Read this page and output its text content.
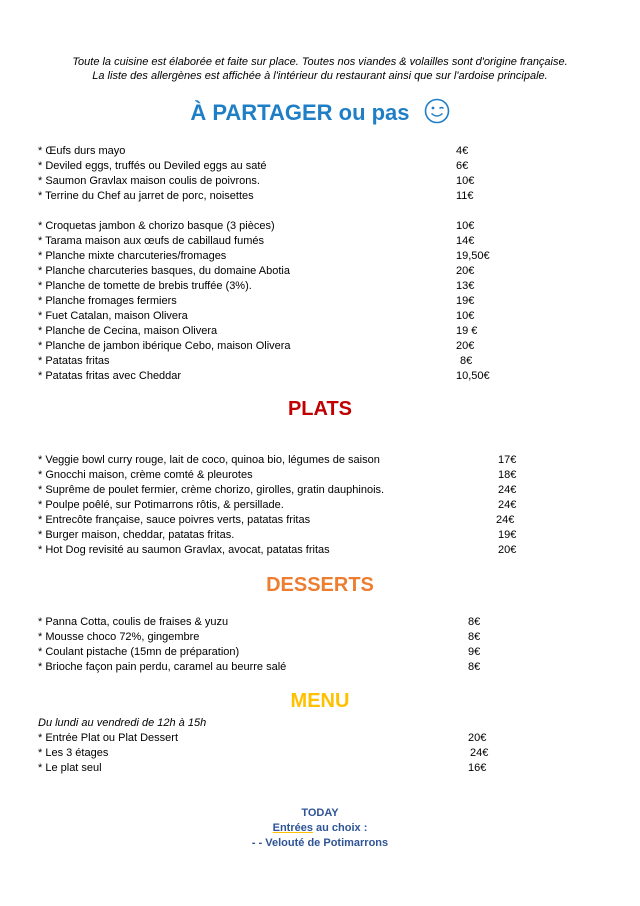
Toute la cuisine est élaborée et faite sur place. Toutes nos viandes & volailles sont d'origine française.
La liste des allergènes est affichée à l'intérieur du restaurant ainsi que sur l'ardoise principale.
À PARTAGER ou pas
* Œufs durs mayo	4€
* Deviled eggs, truffés ou Deviled eggs au saté	6€
* Saumon Gravlax maison coulis de poivrons.	10€
* Terrine du Chef au jarret de porc, noisettes	11€
* Croquetas jambon & chorizo basque (3 pièces)	10€
* Tarama maison aux œufs de cabillaud fumés	14€
* Planche mixte charcuteries/fromages	19,50€
* Planche charcuteries basques, du domaine Abotia	20€
* Planche de tomette de brebis truffée (3%).	13€
* Planche fromages fermiers	19€
* Fuet Catalan, maison Olivera	10€
* Planche de Cecina, maison Olivera	19 €
* Planche de jambon ibérique Cebo, maison Olivera	20€
* Patatas fritas	8€
* Patatas fritas avec Cheddar	10,50€
PLATS
* Veggie bowl curry rouge, lait de coco, quinoa bio, légumes de saison	17€
* Gnocchi maison, crème comté & pleurotes	18€
* Suprême de poulet fermier, crème chorizo, girolles, gratin dauphinois.	24€
* Poulpe poêlé, sur Potimarrons rôtis, & persillade.	24€
* Entrecôte française, sauce poivres verts, patatas fritas	24€
* Burger maison, cheddar, patatas fritas.	19€
* Hot Dog revisité au saumon Gravlax, avocat, patatas fritas	20€
DESSERTS
* Panna Cotta, coulis de fraises & yuzu	8€
* Mousse choco 72%, gingembre	8€
* Coulant pistache (15mn de préparation)	9€
* Brioche façon pain perdu, caramel au beurre salé	8€
MENU
Du lundi au vendredi de 12h à 15h
* Entrée Plat ou Plat Dessert	20€
* Les 3 étages	24€
* Le plat seul	16€
TODAY
Entrées au choix :
- - Velouté de Potimarrons
